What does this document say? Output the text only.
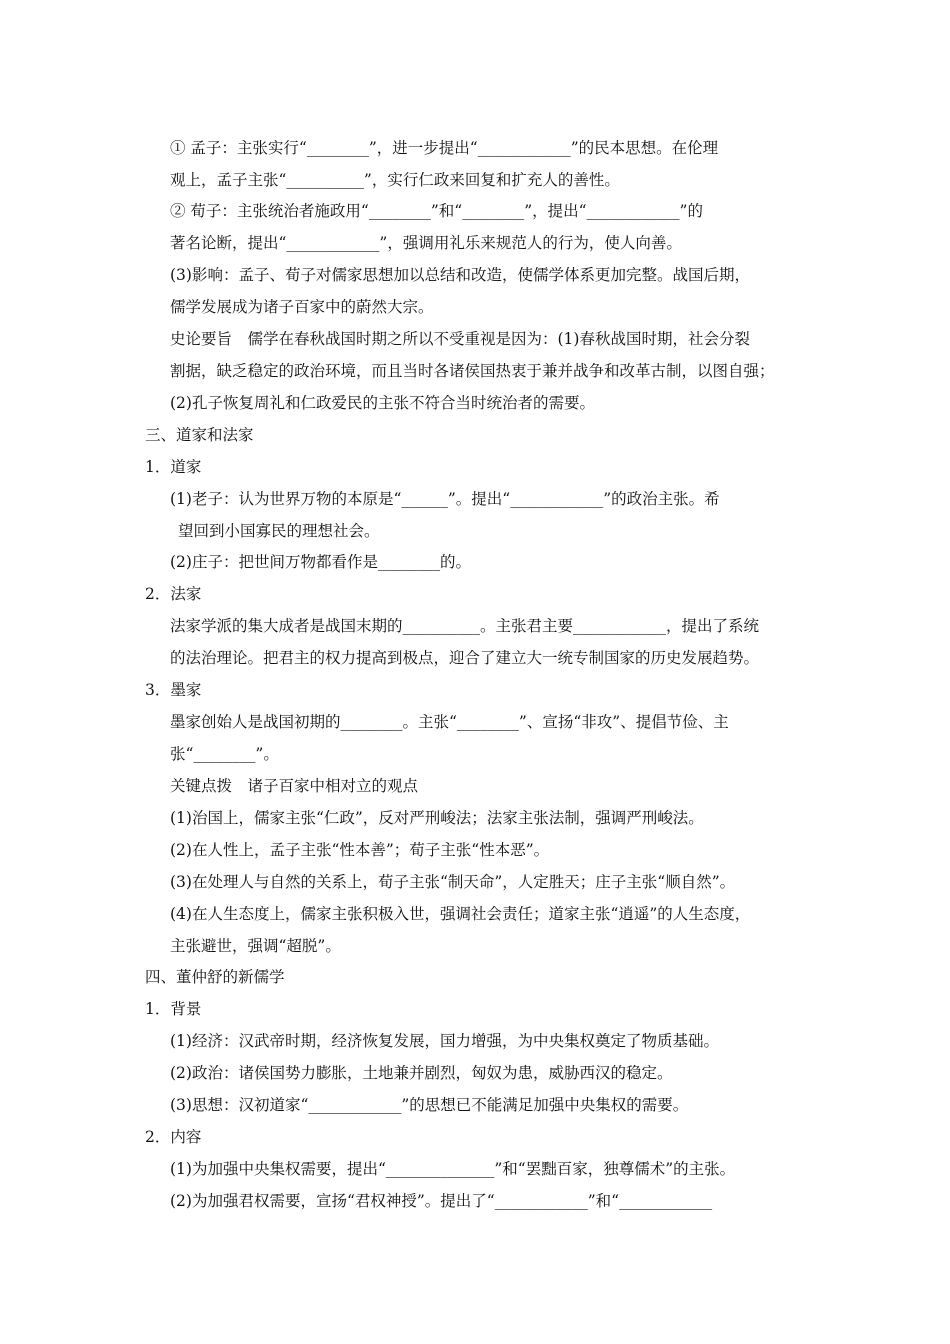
① 孟子：主张实行“________”，进一步提出“____________”的民本思想。在伦理
观上，孟子主张“__________”，实行仁政来回复和扩充人的善性。
② 荀子：主张统治者施政用“________”和“________”，提出“____________”的
著名论断，提出“____________”，强调用礼乐来规范人的行为，使人向善。
(3)影响：孟子、荀子对儒家思想加以总结和改造，使儒学体系更加完整。战国后期，
儒学发展成为诸子百家中的蔚然大宗。
史论要旨　儒学在春秋战国时期之所以不受重视是因为：(1)春秋战国时期，社会分裂
割据，缺乏稳定的政治环境，而且当时各诸侯国热衷于兼并战争和改革古制，以图自强；
(2)孔子恢复周礼和仁政爱民的主张不符合当时统治者的需要。
三、道家和法家
1．道家
(1)老子：认为世界万物的本原是“______”。提出“____________”的政治主张。希
望回到小国寡民的理想社会。
(2)庄子：把世间万物都看作是________的。
2．法家
法家学派的集大成者是战国末期的__________。主张君主要____________，提出了系统
的法治理论。把君主的权力提高到极点，迎合了建立大一统专制国家的历史发展趋势。
3．墨家
墨家创始人是战国初期的________。主张“________”、宣扬“非攻”、提倡节俭、主
张“________”。
关键点拨　诸子百家中相对立的观点
(1)治国上，儒家主张“仁政”，反对严刑峻法；法家主张法制，强调严刑峻法。
(2)在人性上，孟子主张“性本善”；荀子主张“性本恶”。
(3)在处理人与自然的关系上，荀子主张“制天命”，人定胜天；庄子主张“顺自然”。
(4)在人生态度上，儒家主张积极入世，强调社会责任；道家主张“逍遥”的人生态度，
主张避世，强调“超脱”。
四、董仲舒的新儒学
1．背景
(1)经济：汉武帝时期，经济恢复发展，国力增强，为中央集权奠定了物质基础。
(2)政治：诸侯国势力膨胀，土地兼并剧烈，匈奴为患，威胁西汉的稳定。
(3)思想：汉初道家“____________”的思想已不能满足加强中央集权的需要。
2．内容
(1)为加强中央集权需要，提出“______________”和“罢黜百家，独尊儒术”的主张。
(2)为加强君权需要，宣扬“君权神授”。提出了“____________”和“____________
